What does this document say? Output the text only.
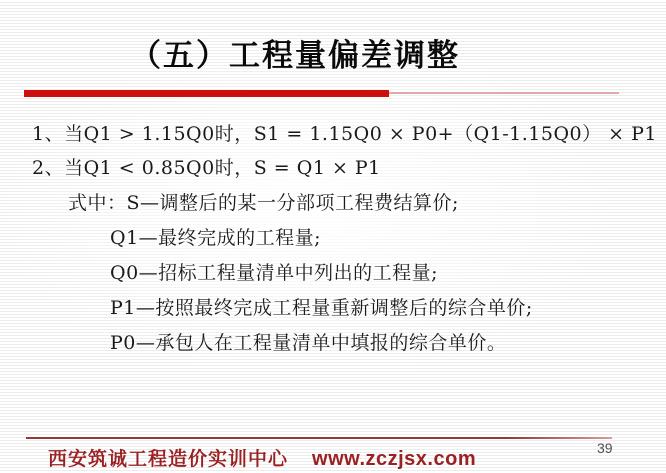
（五）工程量偏差调整
1、当Q1 > 1.15Q0时，S1 = 1.15Q0 × P0+（Q1-1.15Q0） × P1
2、当Q1 < 0.85Q0时，S = Q1 × P1
式中：S—调整后的某一分部项工程费结算价;
Q1—最终完成的工程量;
Q0—招标工程量清单中列出的工程量;
P1—按照最终完成工程量重新调整后的综合单价;
P0—承包人在工程量清单中填报的综合单价。
西安筑诚工程造价实训中心 www.zczjsx.com	39
